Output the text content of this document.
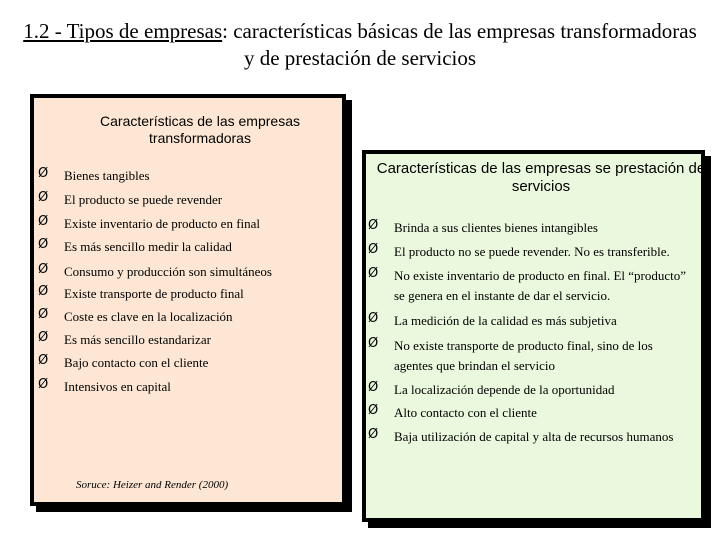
1.2 - Tipos de empresas: características básicas de las empresas transformadoras y de prestación de servicios
Características de las empresas transformadoras
Características de las empresas se prestación de servicios
Ø Bienes tangibles
Ø El producto se puede revender
Ø Existe inventario de producto en final
Ø Es más sencillo medir la calidad
Ø Consumo y producción son simultáneos
Ø Existe transporte de producto final
Ø Coste es clave en la localización
Ø Es más sencillo estandarizar
Ø Bajo contacto con el cliente
Ø Intensivos en capital
Soruce: Heizer and Render (2000)
Ø Brinda a sus clientes bienes intangibles
Ø El producto no se puede revender. No es transferible.
Ø No existe inventario de producto en final. El “producto” se genera en el instante de dar el servicio.
Ø La medición de la calidad es más subjetiva
Ø No existe transporte de producto final, sino de los agentes que brindan el servicio
Ø La localización depende de la oportunidad
Ø Alto contacto con el cliente
Ø Baja utilización de capital y alta de recursos humanos
